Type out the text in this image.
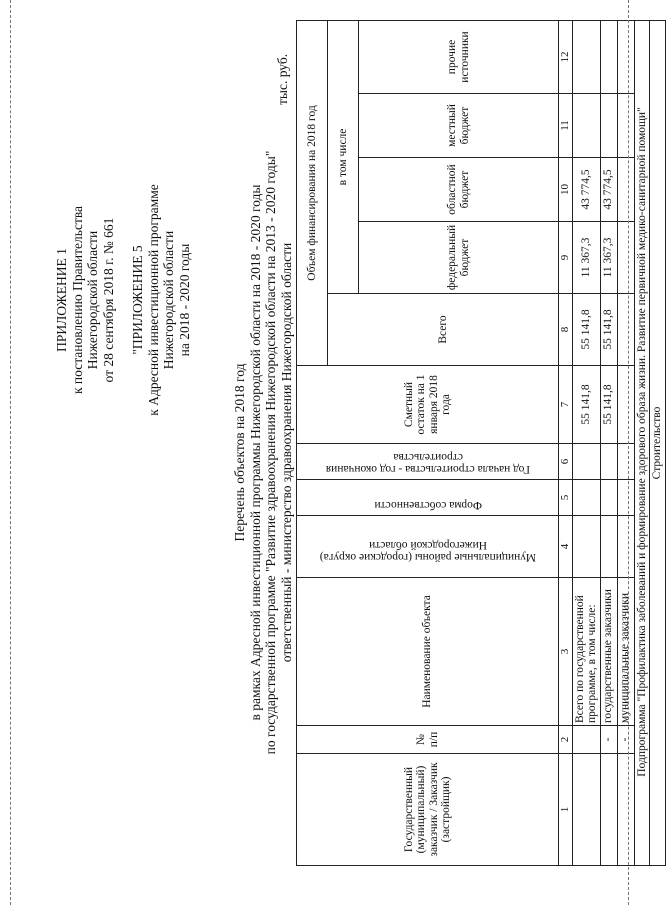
ПРИЛОЖЕНИЕ 1 к постановлению Правительства Нижегородской области от 28 сентября 2018 г. № 661 "ПРИЛОЖЕНИЕ 5 к Адресной инвестиционной программе Нижегородской области на 2018 - 2020 годы
Перечень объектов на 2018 год в рамках Адресной инвестиционной программы Нижегородской области на 2018 - 2020 годы по государственной программе "Развитие здравоохранения Нижегородской области на 2013 - 2020 годы" ответственный - министерство здравоохранения Нижегородской области
тыс. руб.
Государственный (муниципальный) заказчик / Заказчик (застройщик)	№ п/п	Наименование объекта	Муниципальные районы (городские округа) Нижегородской области	Форма собственности	Год начала строительства - год окончания строительства	Сметный остаток на 1 января 2018 года	Объем финансирования на 2018 год				
							Всего	в том числе			
								федеральный бюджет	областной бюджет	местный бюджет	прочие источники
1	2	3	4	5	6	7	8	9	10	11	12
		Всего по государственной программе, в том числе:				55 141,8	55 141,8	11 367,3	43 774,5		
	-	государственные заказчики				55 141,8	55 141,8	11 367,3	43 774,5		
	-	муниципальные заказчики									
Подпрограмма "Профилактика заболеваний и формирование здорового образа жизни. Развитие первичной медико-санитарной помощи"											
Строительство											
